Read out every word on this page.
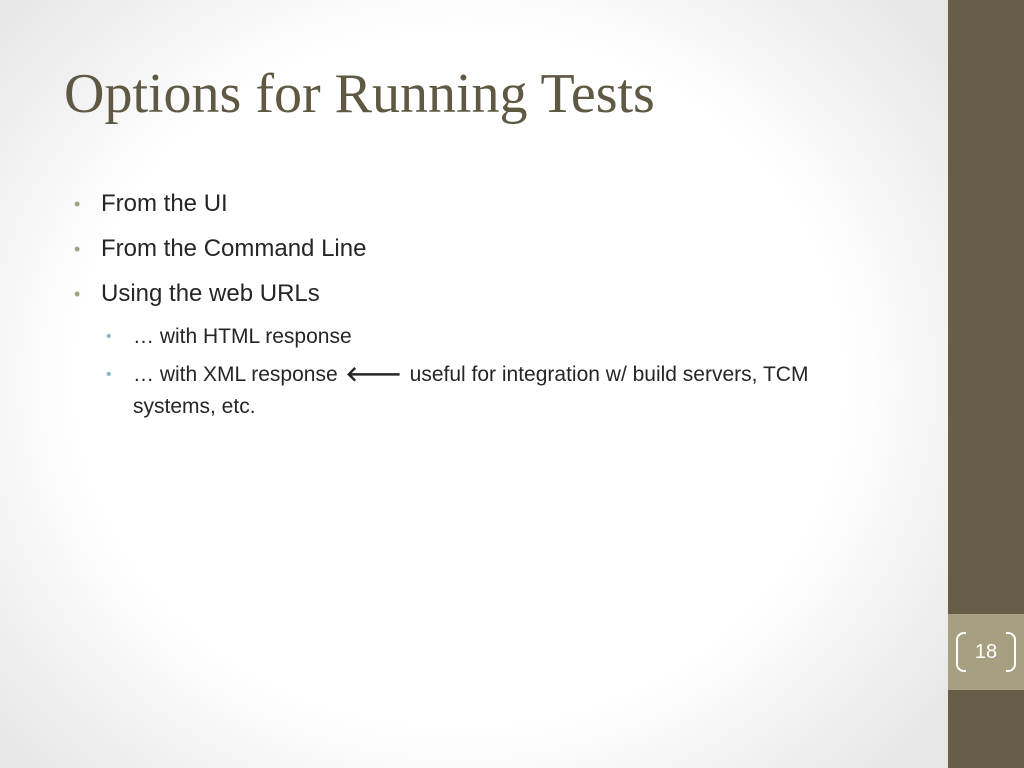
Options for Running Tests
• From the UI
• From the Command Line
• Using the web URLs
• … with HTML response
• … with XML response 🡐 useful for integration w/ build servers, TCM systems, etc.
18
